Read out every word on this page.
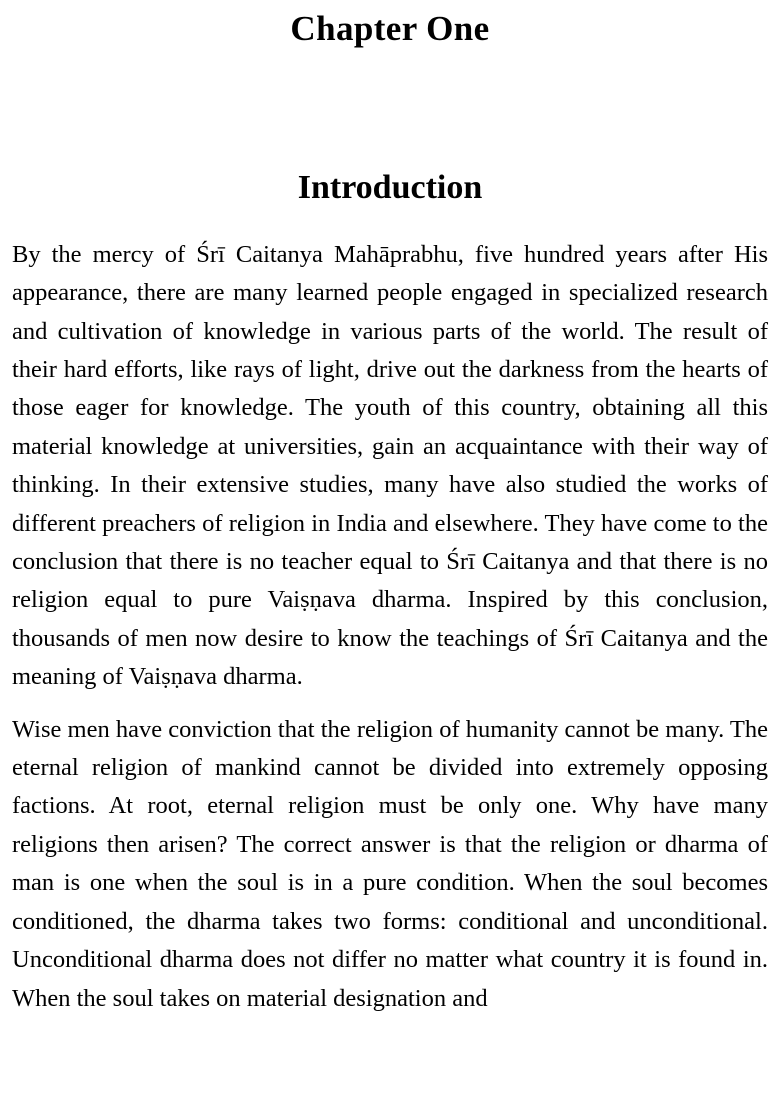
Chapter One
Introduction

By the mercy of Śrī Caitanya Mahāprabhu, five hundred years after His appearance, there are many learned people engaged in specialized research and cultivation of knowledge in various parts of the world. The result of their hard efforts, like rays of light, drive out the darkness from the hearts of those eager for knowledge. The youth of this country, obtaining all this material knowledge at universities, gain an acquaintance with their way of thinking. In their extensive studies, many have also studied the works of different preachers of religion in India and elsewhere. They have come to the conclusion that there is no teacher equal to Śrī Caitanya and that there is no religion equal to pure Vaiṣṇava dharma. Inspired by this conclusion, thousands of men now desire to know the teachings of Śrī Caitanya and the meaning of Vaiṣṇava dharma.

Wise men have conviction that the religion of humanity cannot be many. The eternal religion of mankind cannot be divided into extremely opposing factions. At root, eternal religion must be only one. Why have many religions then arisen? The correct answer is that the religion or dharma of man is one when the soul is in a pure condition. When the soul becomes conditioned, the dharma takes two forms: conditional and unconditional. Unconditional dharma does not differ no matter what country it is found in. When the soul takes on material designation and
